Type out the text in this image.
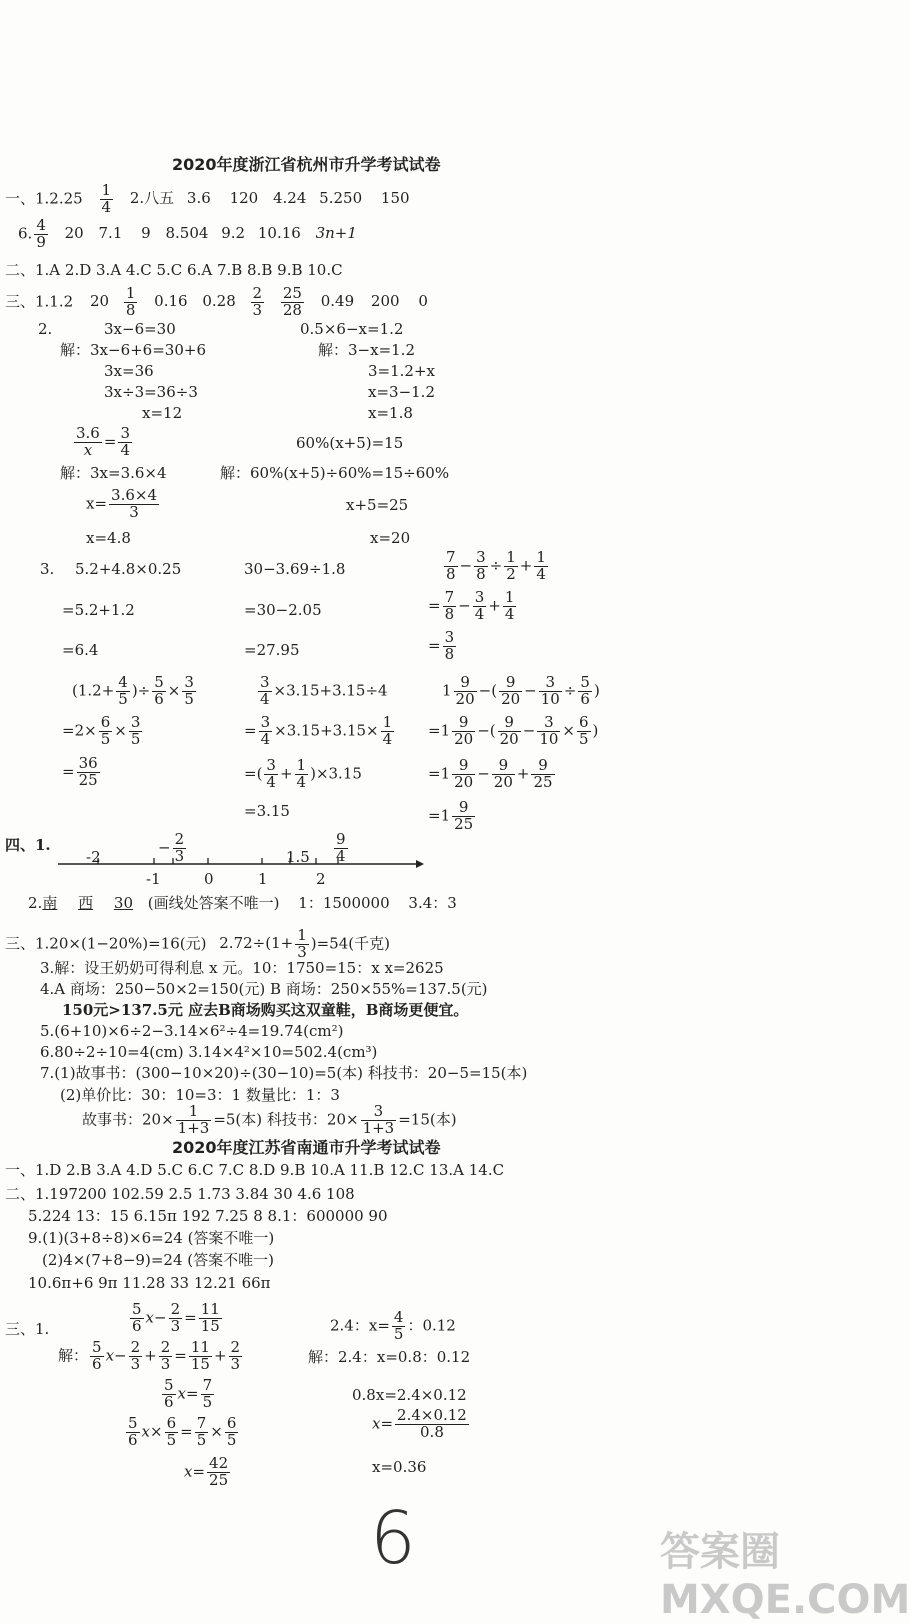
2020年度浙江省杭州市升学考试试卷
一、$1.2.25 \frac{1}{4} 2$.八五 3.6 120 4.24 5.250 150
6. $\frac{4}{9} 20$ 7.1 9 8.504 9.2 10.16 3n+1
二、1.A 2.D 3.A 4.C 5.C 6.A 7.B 8.B 9.B 10.C
三、1.1.2 $20 \frac{1}{8} 0.16$ $0.28 \frac{2}{3}$
$\frac{25}{28} 0.49$ 200 0
2.	3x−6=30
解：3x−6+6=30+6
3x=36
3x÷3=36÷3
x=12
0.5×6−x=1.2
解：3−x=1.2
3=1.2+x
x=3−1.2
x=1.8
$\frac{3.6}{x} = \frac{3}{4}$
解：3x=3.6×4
$x= \frac{3.6\times 4}{3}$
x=4.8
60%(x+5)=15
解：60%(x+5)÷60%=15÷60%
x+5=25
x=20
3. 5.2+4.8×0.25
=5.2+1.2
=6.4
30−3.69÷1.8
=30−2.05
=27.95
$\frac{7}{8} - \frac{3}{8} \div \frac{1}{2} + \frac{1}{4}$
= $\frac{7}{8} - \frac{3}{4} + \frac{1}{4}$
= $\frac{3}{8}$
($1.2+ \frac{4}{5}$ )÷ $\frac{5}{6} \times \frac{3}{5}$
$=2\times \frac{6}{5} \times \frac{3}{5}$
= $\frac{36}{25}$
$\frac{3}{4} \times 3.15+3.15\div 4$
= $\frac{3}{4} \times 3.15+3.15\times \frac{1}{4}$
=( $\frac{3}{4} + \frac{1}{4} )\times 3.15$
=3.15
$1 \frac{9}{20}$ −( $\frac{9}{20} - \frac{3}{10} \div \frac{5}{6}$ )
$=1 \frac{9}{20}$ −( $\frac{9}{20} - \frac{3}{10} \times \frac{6}{5}$ )
$=1 \frac{9}{20} - \frac{9}{20} + \frac{9}{25}$
$=1 \frac{9}{25}$
四、1.
-2
− $\frac{2}{3}$	$1.5 \frac{9}{4}$
-1	0	1	2
2.南 西 30 (画线处答案不唯一) 1：1500000 3.4：3
三、1.20×(1−20%)=16(元) $2.72\div(1+ \frac{1}{3} )=54$(千克)
3.解：设王奶奶可得利息 x 元。10：1750=15：x x=2625
4.A 商场：250−50×2=150(元) B 商场：250×55%=137.5(元)
150元>137.5元 应去B商场购买这双童鞋，B商场更便宜。
5.(6+10)×6÷2−3.14×6²÷4=19.74(cm²)
6.80÷2÷10=4(cm) 3.14×4²×10=502.4(cm³)
7.(1)故事书：(300−10×20)÷(30−10)=5(本) 科技书：20−5=15(本)
(2)单价比：30：10=3：1 数量比：1：3
故事书：$20\times \frac{1}{1+3} =5$(本) 科技书：$20\times \frac{3}{1+3} =15$(本)
2020年度江苏省南通市升学考试试卷
一、1.D 2.B 3.A 4.D 5.C 6.C 7.C 8.D 9.B 10.A 11.B 12.C 13.A 14.C
二、1.197200 102.59 2.5 1.73 3.84 30 4.6 108
5.224 13：15 6.15π 192 7.25 8 8.1：600000 90
9.(1)(3+8÷8)×6=24 (答案不唯一)
(2)4×(7+8−9)=24 (答案不唯一)
10.6π+6 9π 11.28 33 12.21 66π
三、1.	$\frac{5}{6} x- \frac{2}{3} = \frac{11}{15}$
解： $\frac{5}{6} x- \frac{2}{3} + \frac{2}{3} = \frac{11}{15} + \frac{2}{3}$
$\frac{5}{6} x= \frac{7}{5}$
$\frac{5}{6} x\times \frac{6}{5} = \frac{7}{5} \times \frac{6}{5}$
$x= \frac{42}{25}$
2.4：$x= \frac{4}{5}$ ：0.12
解：2.4：x=0.8：0.12
0.8x=2.4×0.12
$x= \frac{2.4\times 0.12}{0.8}$
x=0.36
6	答案圈 MXQE.COM
